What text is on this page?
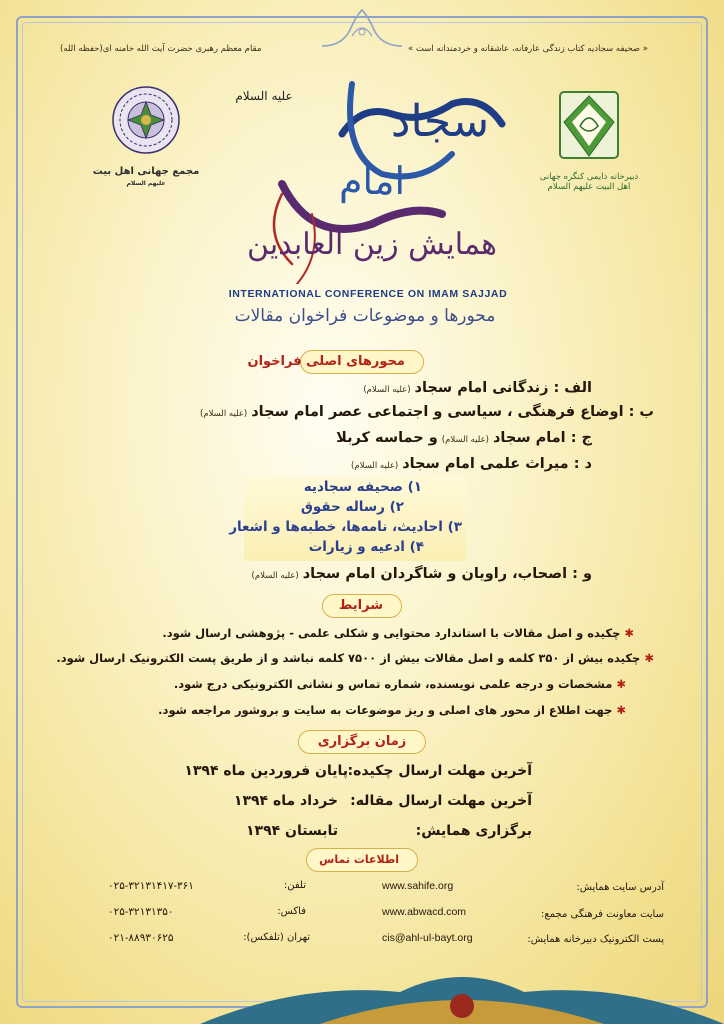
مقام معظم رهبری حضرت آیت الله خامنه ای(حفظه الله)	« صحیفه سجادیه کتاب زندگی عارفانه، عاشقانه و خردمندانه است »
مجمع جهانی اهل بیت علیهم السلام
دبیرخانه دایمی کنگره جهانی اهل البیت علیهم السلام
سجاد
امام
همایش زین العابدین
علیه السلام
INTERNATIONAL CONFERENCE ON IMAM SAJJAD
محورها و موضوعات فراخوان مقالات
محورهای اصلی فراخوان
الف : زندگانی امام سجاد(علیه السلام)
ب : اوضاع فرهنگی ، سیاسی و اجتماعی عصر امام سجاد(علیه السلام)
ج : امام سجاد(علیه السلام)و حماسه کربلا
د : میراث علمی امام سجاد(علیه السلام)
۱) صحیفه سجادیه
۲) رساله حقوق
۳) احادیث، نامه‌ها، خطبه‌ها و اشعار
۴) ادعیه و زیارات
و : اصحاب، راویان و شاگردان امام سجاد(علیه السلام)
شرایط
✱چکیده و اصل مقالات با استاندارد محتوایی و شکلی علمی - پژوهشی ارسال شود.
✱چکیده بیش از ۳۵۰ کلمه و اصل مقالات بیش از ۷۵۰۰ کلمه نباشد و از طریق پست الکترونیک ارسال شود.
✱مشخصات و درجه علمی نویسنده، شماره تماس و نشانی الکترونیکی درج شود.
✱جهت اطلاع از محور های اصلی و ریز موضوعات به سایت و بروشور مراجعه شود.
زمان برگزاری
آخرین مهلت ارسال چکیده:
پایان فروردین ماه ۱۳۹۴
آخرین مهلت ارسال مقاله:
خرداد ماه ۱۳۹۴
برگزاری همایش:
تابستان ۱۳۹۴
اطلاعات تماس
تلفن:
۰۲۵-۳۲۱۳۱۴۱۷-۳۶۱
فاکس:
۰۲۵-۳۲۱۳۱۳۵۰
تهران (تلفکس):
۰۲۱-۸۸۹۳۰۶۲۵
آدرس سایت همایش:
www.sahife.org
سایت معاونت فرهنگی مجمع:
www.abwacd.com
پست الکترونیک دبیرخانه همایش:
cis@ahl-ul-bayt.org
